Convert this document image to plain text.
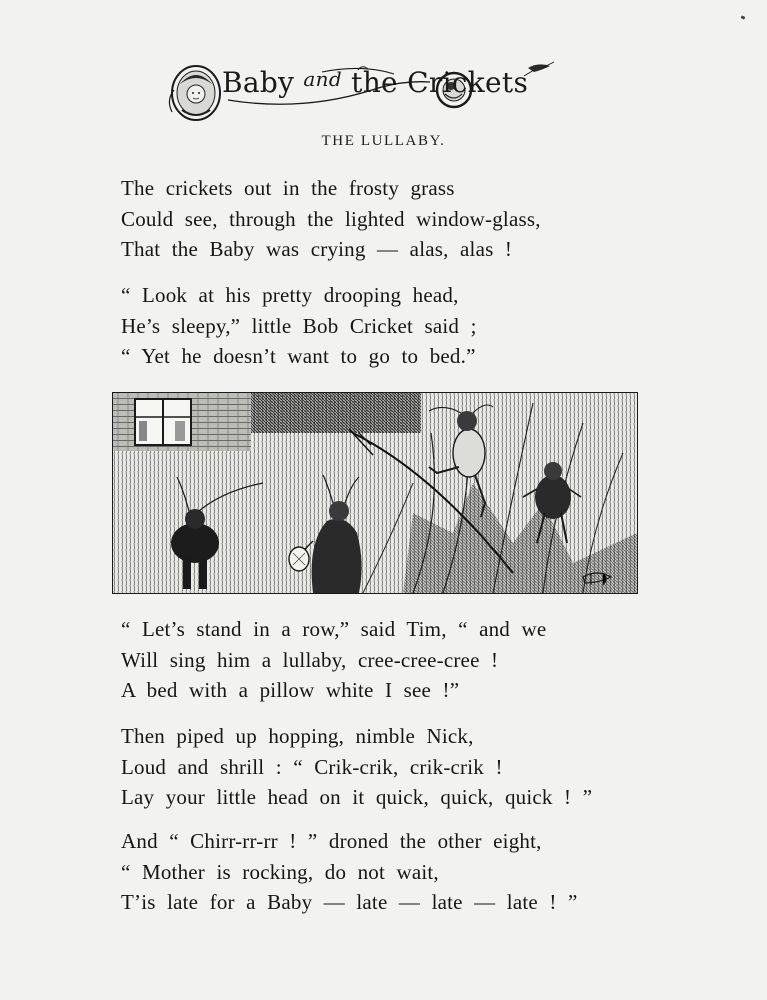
Baby and the Crickets
THE LULLABY.
The crickets out in the frosty grass
Could see, through the lighted window-glass,
That the Baby was crying — alas, alas !
“ Look at his pretty drooping head,
He’s sleepy,” little Bob Cricket said ;
“ Yet he doesn’t want to go to bed.”
“ Let’s stand in a row,” said Tim, “ and we
Will sing him a lullaby, cree-cree-cree !
A bed with a pillow white I see !”
Then piped up hopping, nimble Nick,
Loud and shrill : “ Crik-crik, crik-crik !
Lay your little head on it quick, quick, quick ! ”
And “ Chirr-rr-rr ! ” droned the other eight,
“ Mother is rocking, do not wait,
T’is late for a Baby — late — late — late ! ”
